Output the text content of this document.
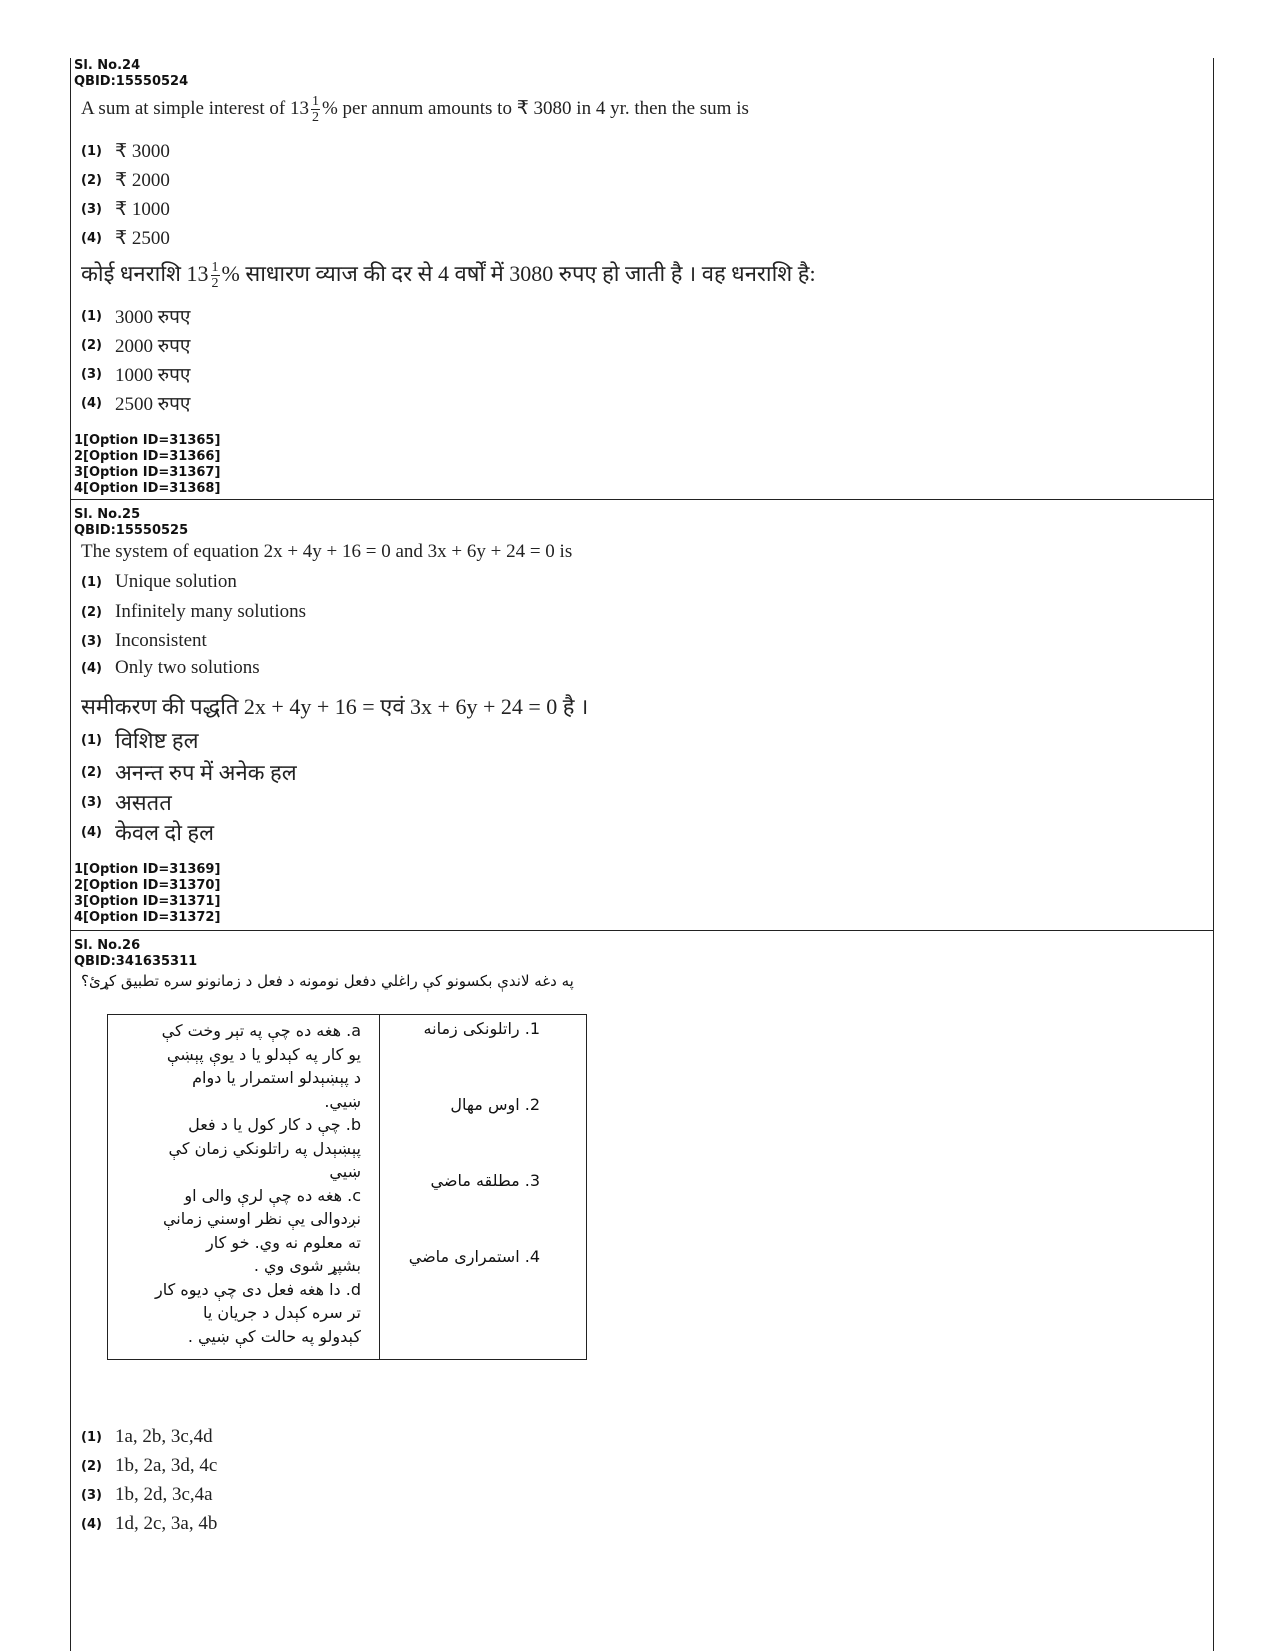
Sl. No.24

QBID:15550524

A sum at simple interest of $13 \frac{1}{2}$ % per annum amounts to ₹ 3080 in 4 yr. then the sum is
(1) ₹ 3000
(2) ₹ 2000
(3) ₹ 1000
(4) ₹ 2500
कोई धनराशि $13 \frac{1}{2}$ % साधारण व्याज की दर से 4 वर्षों में 3080 रुपए हो जाती है । वह धनराशि है:
(1) 3000 रुपए
(2) 2000 रुपए
(3) 1000 रुपए
(4) 2500 रुपए

1[Option ID=31365]

2[Option ID=31366]

3[Option ID=31367]

4[Option ID=31368]

Sl. No.25

QBID:15550525

The system of equation 2x + 4y + 16 = 0 and 3x + 6y + 24 = 0 is
(1) Unique solution
(2) Infinitely many solutions
(3) Inconsistent
(4) Only two solutions
समीकरण की पद्धति 2x + 4y + 16 = एवं 3x + 6y + 24 = 0 है ।
(1) विशिष्ट हल
(2) अनन्त रुप में अनेक हल
(3) असतत
(4) केवल दो हल

1[Option ID=31369]

2[Option ID=31370]

3[Option ID=31371]

4[Option ID=31372]

Sl. No.26

QBID:341635311

په دغه لاندې بکسونو کې راغلي دفعل نومونه د فعل د زمانونو سره تطبیق کړئ؟
a. هغه ده چې په تېر وخت کې
یو کار په کېدلو یا د یوې پېښې
د پېښېدلو استمرار یا دوام
ښيي.
b. چې د کار کول یا د فعل
پېښېدل په راتلونکي زمان کې
ښيي
c. هغه ده چې لرې والی او
نږدوالی یې نظر اوسني زمانې
ته معلوم نه وي. خو کار
بشپړ شوی وي .
d. دا هغه فعل دی چې دیوه کار
تر سره کېدل د جریان یا
کېدولو په حالت کې ښيي .
1. راتلونکی زمانه
2. اوس مهال
3. مطلقه ماضي
4. استمراری ماضي
(1) 1a, 2b, 3c,4d
(2) 1b, 2a, 3d, 4c
(3) 1b, 2d, 3c,4a
(4) 1d, 2c, 3a, 4b
